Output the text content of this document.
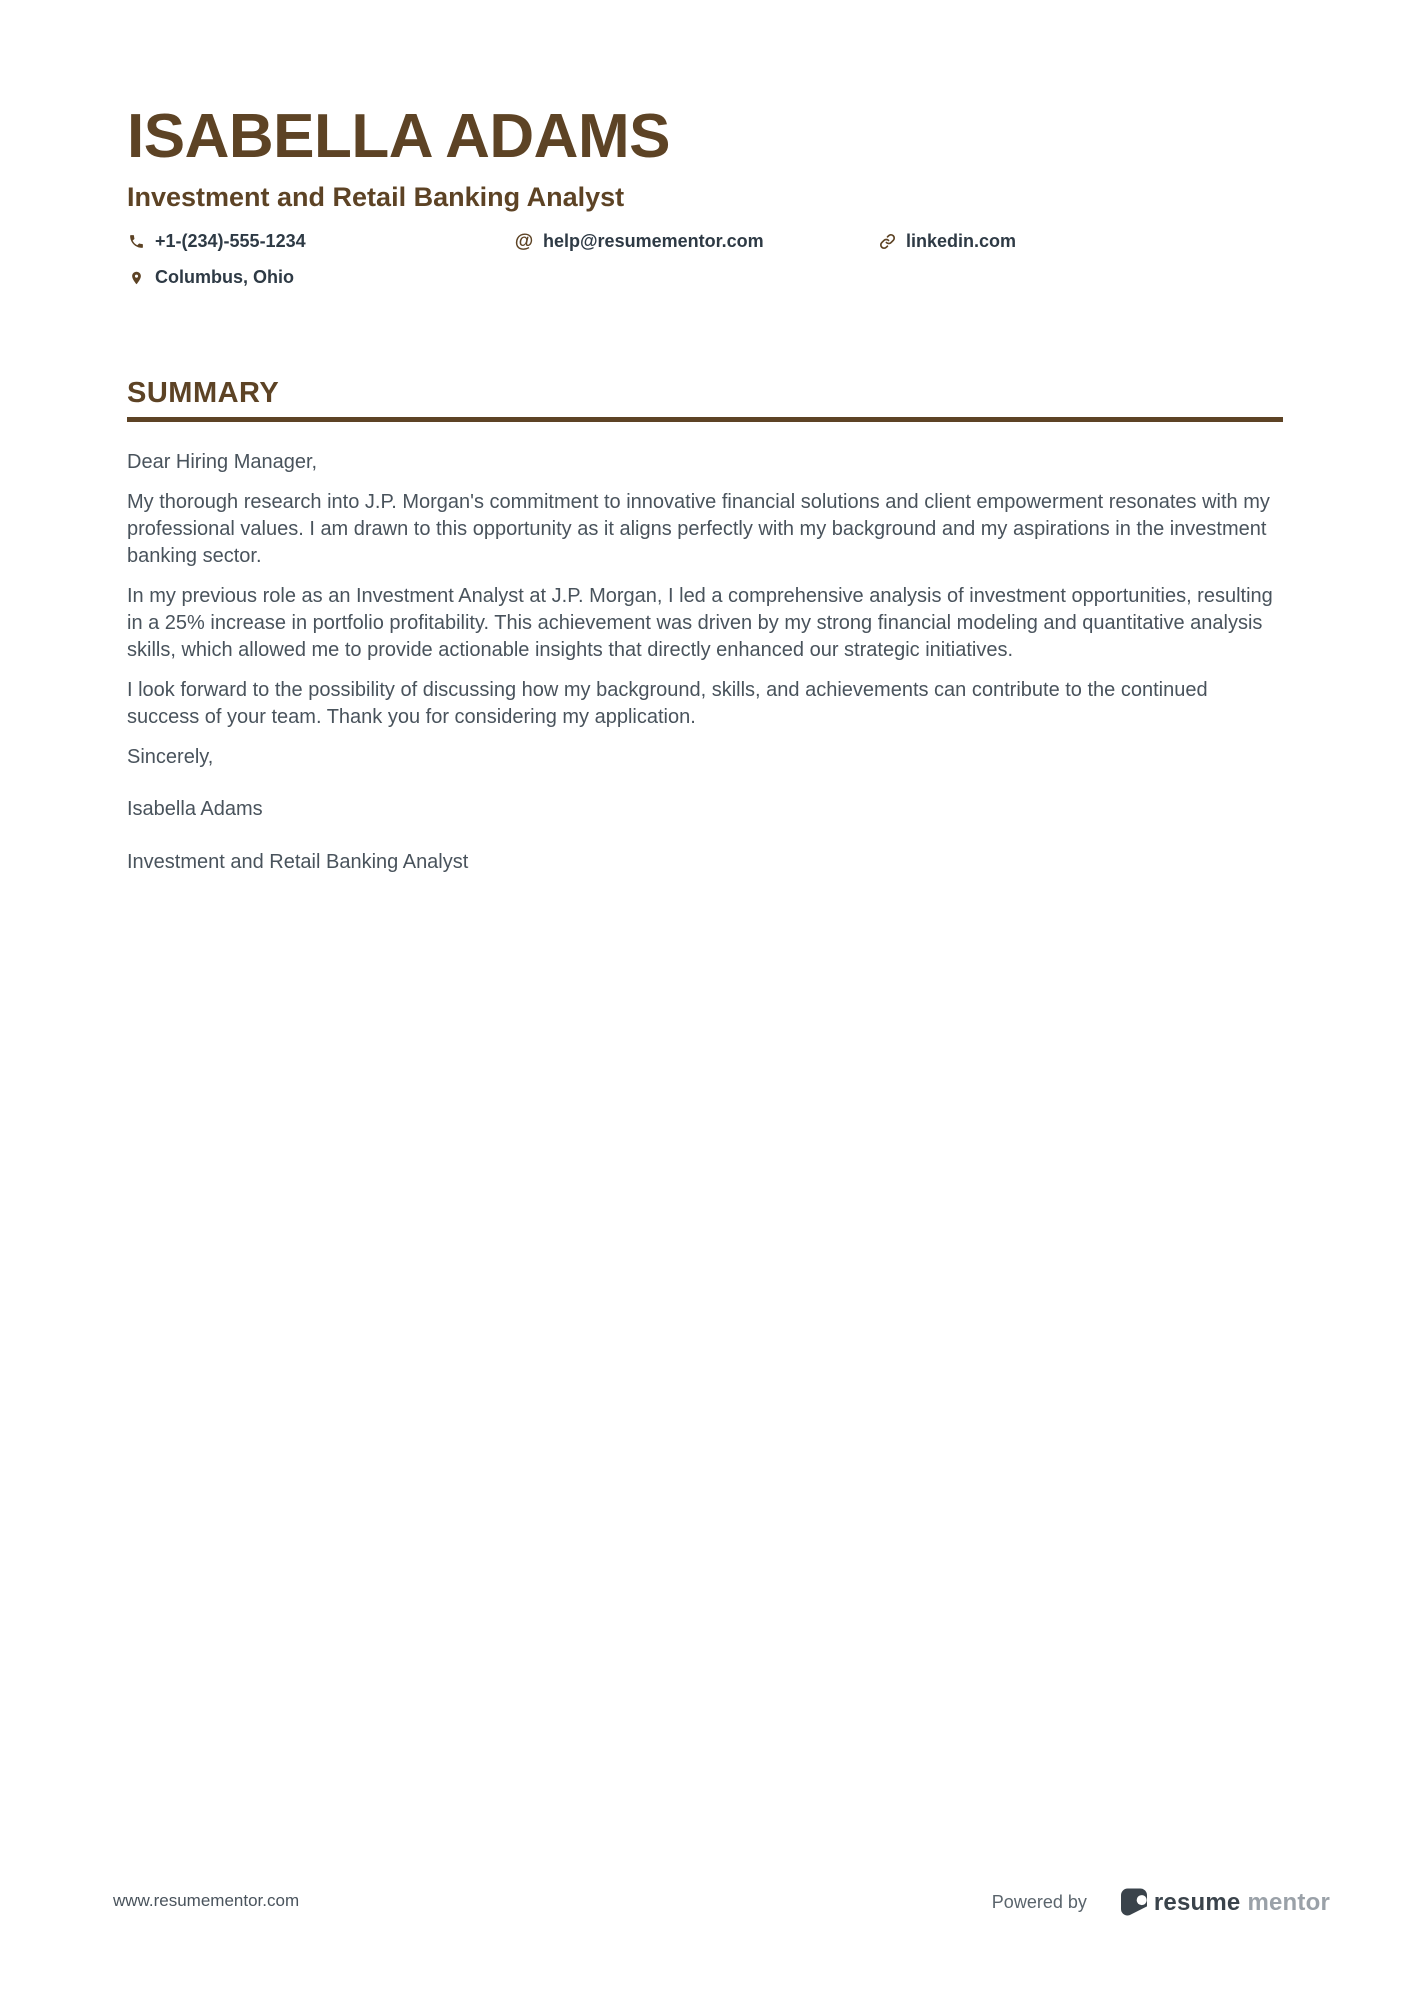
ISABELLA ADAMS
Investment and Retail Banking Analyst
+1-(234)-555-1234	@ help@resumementor.com	linkedin.com
Columbus, Ohio
SUMMARY

Dear Hiring Manager,

My thorough research into J.P. Morgan's commitment to innovative financial solutions and client empowerment resonates with my professional values. I am drawn to this opportunity as it aligns perfectly with my background and my aspirations in the investment banking sector.

In my previous role as an Investment Analyst at J.P. Morgan, I led a comprehensive analysis of investment opportunities, resulting in a 25% increase in portfolio profitability. This achievement was driven by my strong financial modeling and quantitative analysis skills, which allowed me to provide actionable insights that directly enhanced our strategic initiatives.

I look forward to the possibility of discussing how my background, skills, and achievements can contribute to the continued success of your team. Thank you for considering my application.

Sincerely,

Isabella Adams

Investment and Retail Banking Analyst

www.resumementor.com	Powered by	resume mentor
